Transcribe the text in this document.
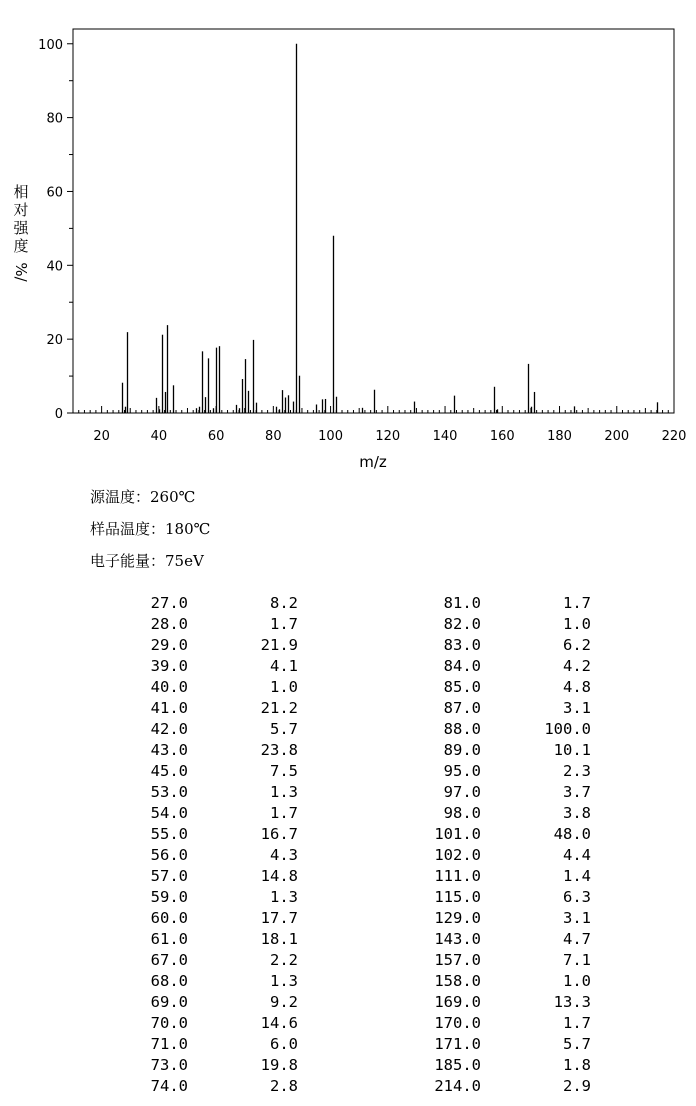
20	40	60	80	100 120 140 160 180 200 220
0
20
40
60
80
100
m/z
相
对
强
度
%/
源温度：260℃
样品温度：180℃
电子能量：75eV
27.0	8.2	81.0	1.7
28.0	1.7	82.0	1.0
29.0	21.9	83.0	6.2
39.0	4.1	84.0	4.2
40.0	1.0	85.0	4.8
41.0	21.2	87.0	3.1
42.0	5.7	88.0	100.0
43.0	23.8	89.0	10.1
45.0	7.5	95.0	2.3
53.0	1.3	97.0	3.7
54.0	1.7	98.0	3.8
55.0	16.7	101.0	48.0
56.0	4.3	102.0	4.4
57.0	14.8	111.0	1.4
59.0	1.3	115.0	6.3
60.0	17.7	129.0	3.1
61.0	18.1	143.0	4.7
67.0	2.2	157.0	7.1
68.0	1.3	158.0	1.0
69.0	9.2	169.0	13.3
70.0	14.6	170.0	1.7
71.0	6.0	171.0	5.7
73.0	19.8	185.0	1.8
74.0	2.8	214.0	2.9
